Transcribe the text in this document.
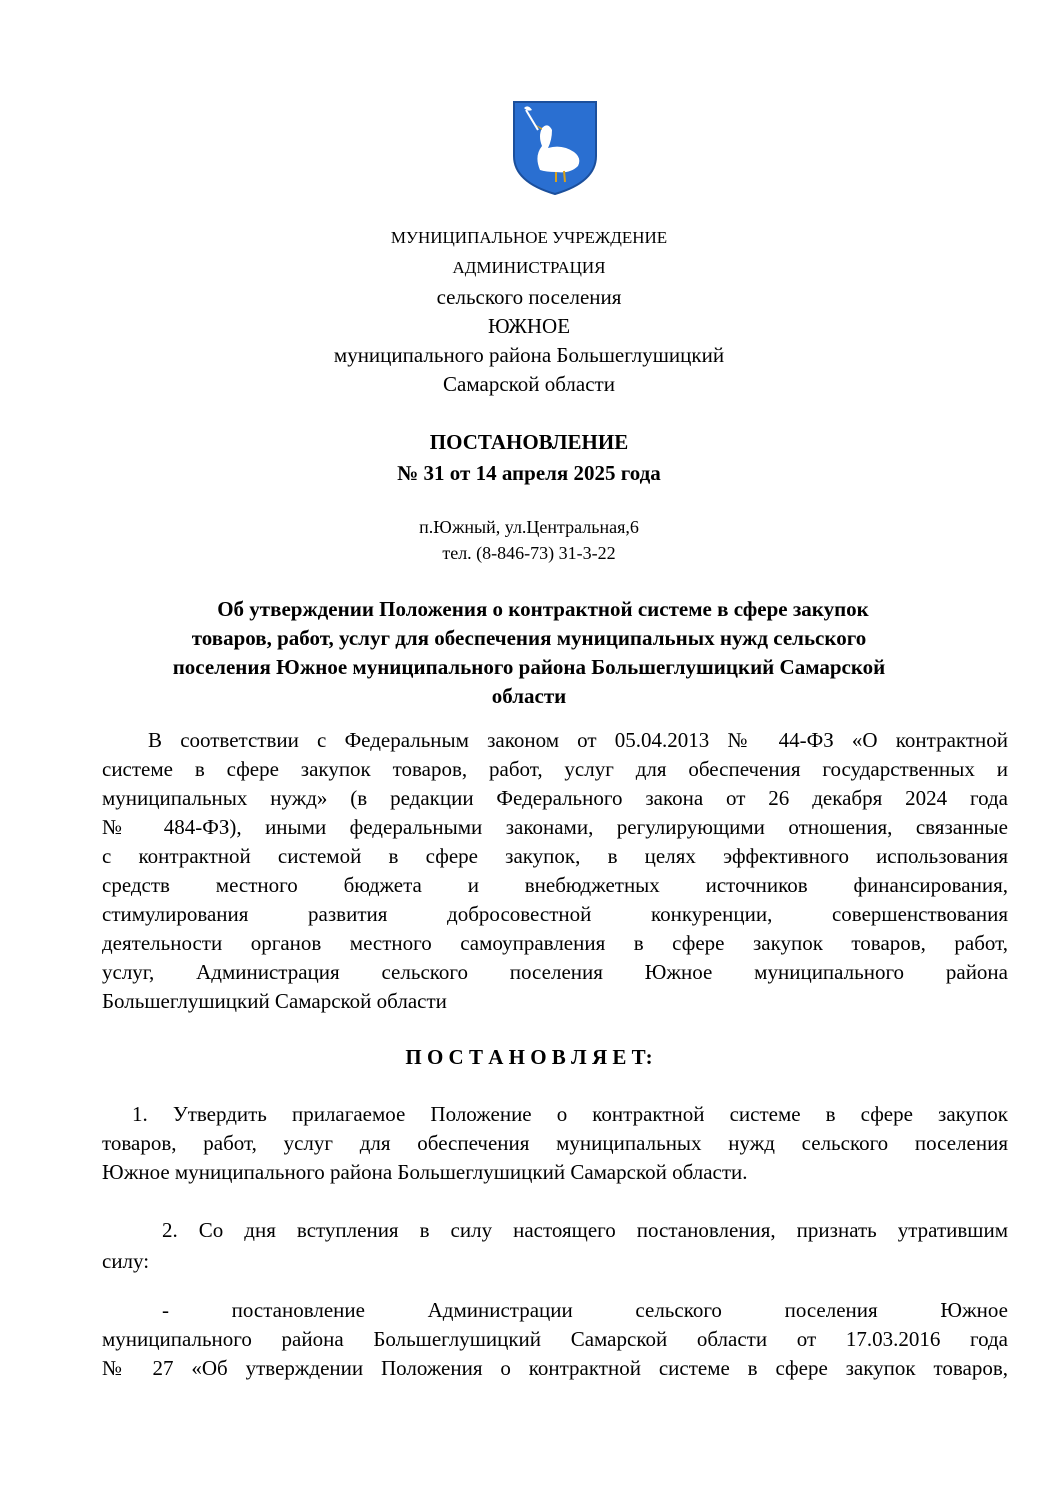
МУНИЦИПАЛЬНОЕ УЧРЕЖДЕНИЕ
АДМИНИСТРАЦИЯ
сельского поселения
ЮЖНОЕ
муниципального района Большеглушицкий
Самарской области
ПОСТАНОВЛЕНИЕ
№ 31 от 14 апреля 2025 года
п.Южный, ул.Центральная,6
тел. (8-846-73) 31-3-22
Об утверждении Положения о контрактной системе в сфере закупок
товаров, работ, услуг для обеспечения муниципальных нужд сельского
поселения Южное муниципального района Большеглушицкий Самарской
области
В соответствии с Федеральным законом от 05.04.2013 № 44-ФЗ «О контрактной
системе в сфере закупок товаров, работ, услуг для обеспечения государственных и
муниципальных нужд» (в редакции Федерального закона от 26 декабря 2024 года
№ 484-ФЗ), иными федеральными законами, регулирующими отношения, связанные
с контрактной системой в сфере закупок, в целях эффективного использования
средств местного бюджета и внебюджетных источников финансирования,
стимулирования развития добросовестной конкуренции, совершенствования
деятельности органов местного самоуправления в сфере закупок товаров, работ,
услуг, Администрация сельского поселения Южное муниципального района
Большеглушицкий Самарской области
П О С Т А Н О В Л Я Е Т:
1. Утвердить прилагаемое Положение о контрактной системе в сфере закупок
товаров, работ, услуг для обеспечения муниципальных нужд сельского поселения
Южное муниципального района Большеглушицкий Самарской области.
2. Со дня вступления в силу настоящего постановления, признать утратившим
силу:
- постановление Администрации сельского поселения Южное
муниципального района Большеглушицкий Самарской области от 17.03.2016 года
№ 27 «Об утверждении Положения о контрактной системе в сфере закупок товаров,
